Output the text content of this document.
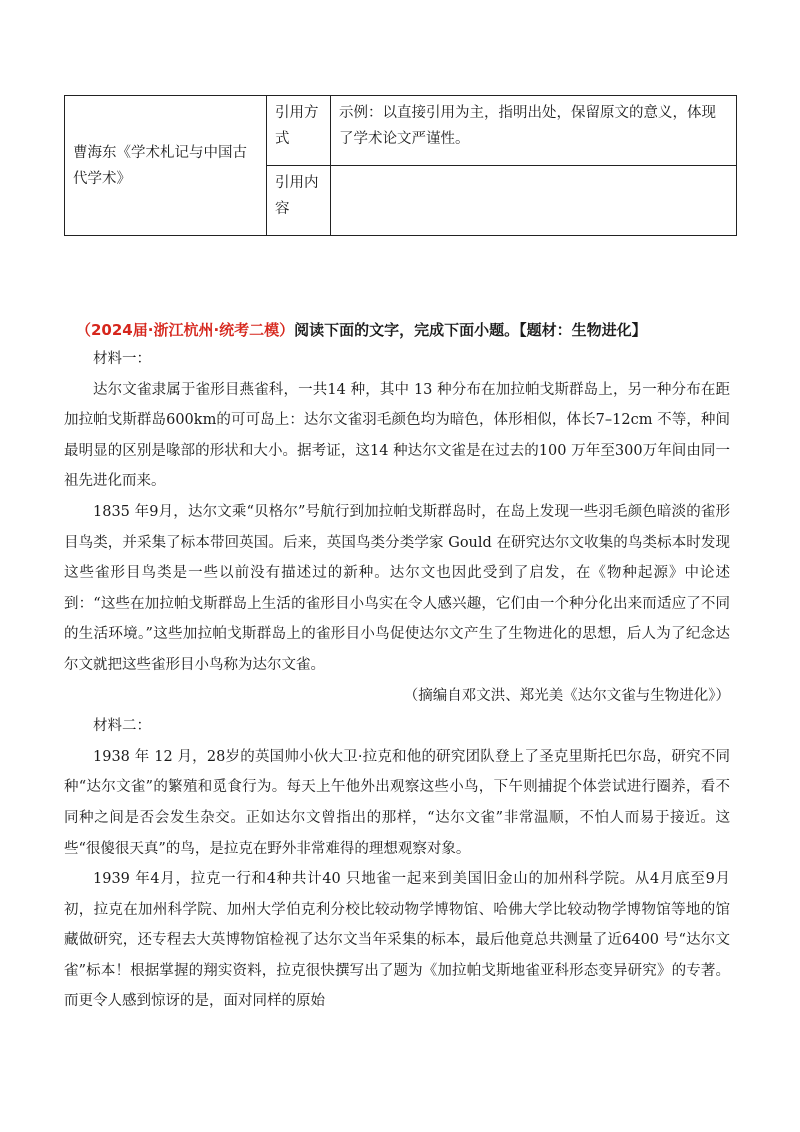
曹海东《学术札记与中国古代学术》	引用方式	示例：以直接引用为主，指明出处，保留原文的意义，体现了学术论文严谨性。
	引用内容	
（2024届·浙江杭州·统考二模）阅读下面的文字，完成下面小题。【题材：生物进化】

材料一：

达尔文雀隶属于雀形目燕雀科，一共14 种，其中 13 种分布在加拉帕戈斯群岛上，另一种分布在距加拉帕戈斯群岛600km的可可岛上：达尔文雀羽毛颜色均为暗色，体形相似，体长7–12cm 不等，种间最明显的区别是喙部的形状和大小。据考证，这14 种达尔文雀是在过去的100 万年至300万年间由同一祖先进化而来。

1835 年9月，达尔文乘“贝格尔”号航行到加拉帕戈斯群岛时，在岛上发现一些羽毛颜色暗淡的雀形目鸟类，并采集了标本带回英国。后来，英国鸟类分类学家 Gould 在研究达尔文收集的鸟类标本时发现这些雀形目鸟类是一些以前没有描述过的新种。达尔文也因此受到了启发，在《物种起源》中论述到：“这些在加拉帕戈斯群岛上生活的雀形目小鸟实在令人感兴趣，它们由一个种分化出来而适应了不同的生活环境。”这些加拉帕戈斯群岛上的雀形目小鸟促使达尔文产生了生物进化的思想，后人为了纪念达尔文就把这些雀形目小鸟称为达尔文雀。

（摘编自邓文洪、郑光美《达尔文雀与生物进化》）

材料二：

1938 年 12 月，28岁的英国帅小伙大卫·拉克和他的研究团队登上了圣克里斯托巴尔岛，研究不同种“达尔文雀”的繁殖和觅食行为。每天上午他外出观察这些小鸟，下午则捕捉个体尝试进行圈养，看不同种之间是否会发生杂交。正如达尔文曾指出的那样，“达尔文雀”非常温顺，不怕人而易于接近。这些“很傻很天真”的鸟，是拉克在野外非常难得的理想观察对象。

1939 年4月，拉克一行和4种共计40 只地雀一起来到美国旧金山的加州科学院。从4月底至9月初，拉克在加州科学院、加州大学伯克利分校比较动物学博物馆、哈佛大学比较动物学博物馆等地的馆藏做研究，还专程去大英博物馆检视了达尔文当年采集的标本，最后他竟总共测量了近6400 号“达尔文雀”标本！根据掌握的翔实资料，拉克很快撰写出了题为《加拉帕戈斯地雀亚科形态变异研究》的专著。而更令人感到惊讶的是，面对同样的原始
